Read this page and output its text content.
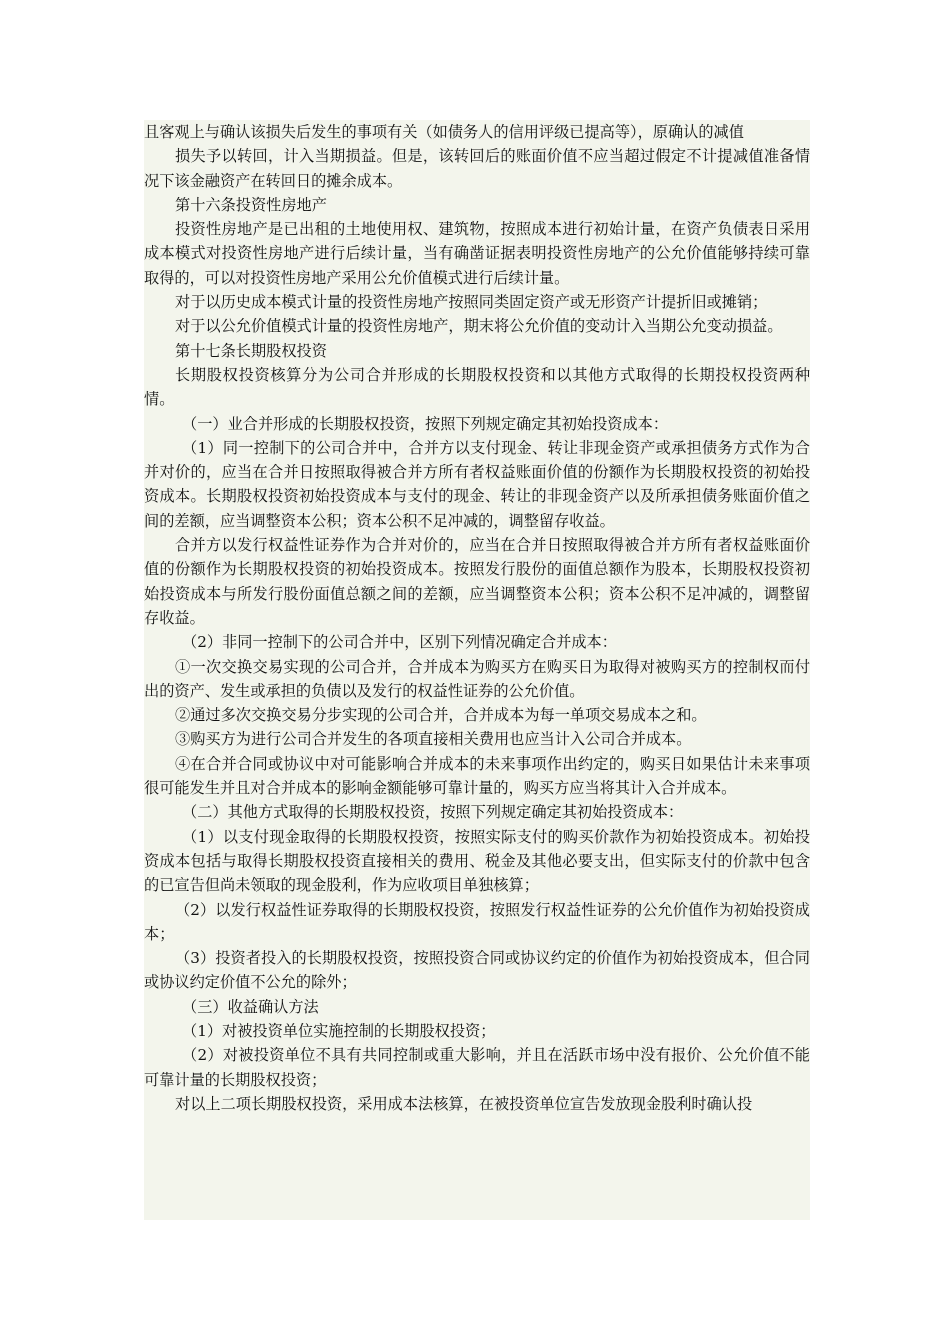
且客观上与确认该损失后发生的事项有关（如债务人的信用评级已提高等），原确认的减值

损失予以转回，计入当期损益。但是，该转回后的账面价值不应当超过假定不计提减值准备情况下该金融资产在转回日的摊余成本。

第十六条投资性房地产

投资性房地产是已出租的土地使用权、建筑物，按照成本进行初始计量，在资产负债表日采用成本模式对投资性房地产进行后续计量，当有确凿证据表明投资性房地产的公允价值能够持续可靠取得的，可以对投资性房地产采用公允价值模式进行后续计量。

对于以历史成本模式计量的投资性房地产按照同类固定资产或无形资产计提折旧或摊销；

对于以公允价值模式计量的投资性房地产，期末将公允价值的变动计入当期公允变动损益。

第十七条长期股权投资

长期股权投资核算分为公司合并形成的长期股权投资和以其他方式取得的长期投权投资两种情。

（一）业合并形成的长期股权投资，按照下列规定确定其初始投资成本：

（1）同一控制下的公司合并中，合并方以支付现金、转让非现金资产或承担债务方式作为合并对价的，应当在合并日按照取得被合并方所有者权益账面价值的份额作为长期股权投资的初始投资成本。长期股权投资初始投资成本与支付的现金、转让的非现金资产以及所承担债务账面价值之间的差额，应当调整资本公积；资本公积不足冲减的，调整留存收益。

合并方以发行权益性证券作为合并对价的，应当在合并日按照取得被合并方所有者权益账面价值的份额作为长期股权投资的初始投资成本。按照发行股份的面值总额作为股本，长期股权投资初始投资成本与所发行股份面值总额之间的差额，应当调整资本公积；资本公积不足冲减的，调整留存收益。

（2）非同一控制下的公司合并中，区别下列情况确定合并成本：

①一次交换交易实现的公司合并，合并成本为购买方在购买日为取得对被购买方的控制权而付出的资产、发生或承担的负债以及发行的权益性证券的公允价值。

②通过多次交换交易分步实现的公司合并，合并成本为每一单项交易成本之和。

③购买方为进行公司合并发生的各项直接相关费用也应当计入公司合并成本。

④在合并合同或协议中对可能影响合并成本的未来事项作出约定的，购买日如果估计未来事项很可能发生并且对合并成本的影响金额能够可靠计量的，购买方应当将其计入合并成本。

（二）其他方式取得的长期股权投资，按照下列规定确定其初始投资成本：

（1）以支付现金取得的长期股权投资，按照实际支付的购买价款作为初始投资成本。初始投资成本包括与取得长期股权投资直接相关的费用、税金及其他必要支出，但实际支付的价款中包含的已宣告但尚未领取的现金股利，作为应收项目单独核算；

（2）以发行权益性证券取得的长期股权投资，按照发行权益性证券的公允价值作为初始投资成本；

（3）投资者投入的长期股权投资，按照投资合同或协议约定的价值作为初始投资成本，但合同或协议约定价值不公允的除外；

（三）收益确认方法

（1）对被投资单位实施控制的长期股权投资；

（2）对被投资单位不具有共同控制或重大影响，并且在活跃市场中没有报价、公允价值不能可靠计量的长期股权投资；

对以上二项长期股权投资，采用成本法核算，在被投资单位宣告发放现金股利时确认投
